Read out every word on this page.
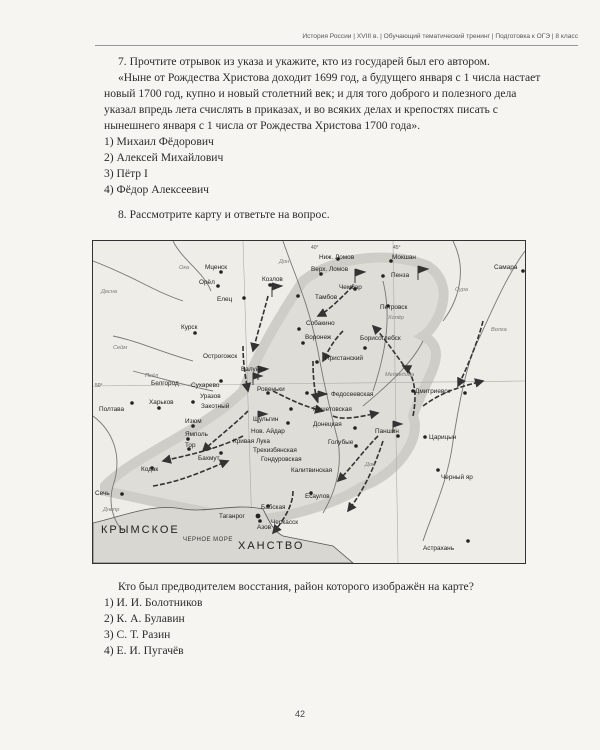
История России | XVIII в. | Обучающий тематический тренинг | Подготовка к ОГЭ | 8 класс

7. Прочтите отрывок из указа и укажите, кто из государей был его автором.

«Ныне от Рождества Христова доходит 1699 год, а будущего января с 1 числа настает новый 1700 год, купно и новый столетний век; и для того доброго и полезного дела указал впредь лета счислять в приказах, и во всяких делах и крепостях писать с нынешнего января с 1 числа от Рождества Христова 1700 года».

1) Михаил Фёдорович

2) Алексей Михайлович

3) Пётр I

4) Фёдор Алексеевич

8. Рассмотрите карту и ответьте на вопрос.
40°	45°
50°
Десна
Ока
Дон
Сейм
Псёл
Хопёр
Медведица
Сура
Волга
Днепр
Дон
Мценск
Орёл
Елец
Козлов
Ниж. Ломов
Верх. Ломов
Мокшан
Пенза
Чембар
Тамбов
Петровск
Самара
Курск
Собакино
Воронеж	Борисоглебск
Пристанский
Острогожск
Валуйки
Сухарево
Белгород
Уразов
Харьков
Закотный
Ровеньки
Федосеевская
Решетовская
Дмитриевск
Полтава
Изюм
Ямполь
Тор
Шульгин
Донецкая
Голубые
Паншин
Царицын
Нов. Айдар
Кривая Лука
Трехизбянская
Гондуровская
Калитвинская
Кодак
Бахмут
Сечь	Есаулов
Бабская
Черкасск
Таганрог
Азов
Черный яр
Астрахань
КРЫМСКОЕ
ХАНСТВО
ЧЕРНОЕ МОРЕ

Кто был предводителем восстания, район которого изображён на карте?

1) И. И. Болотников

2) К. А. Булавин

3) С. Т. Разин

4) Е. И. Пугачёв

42
